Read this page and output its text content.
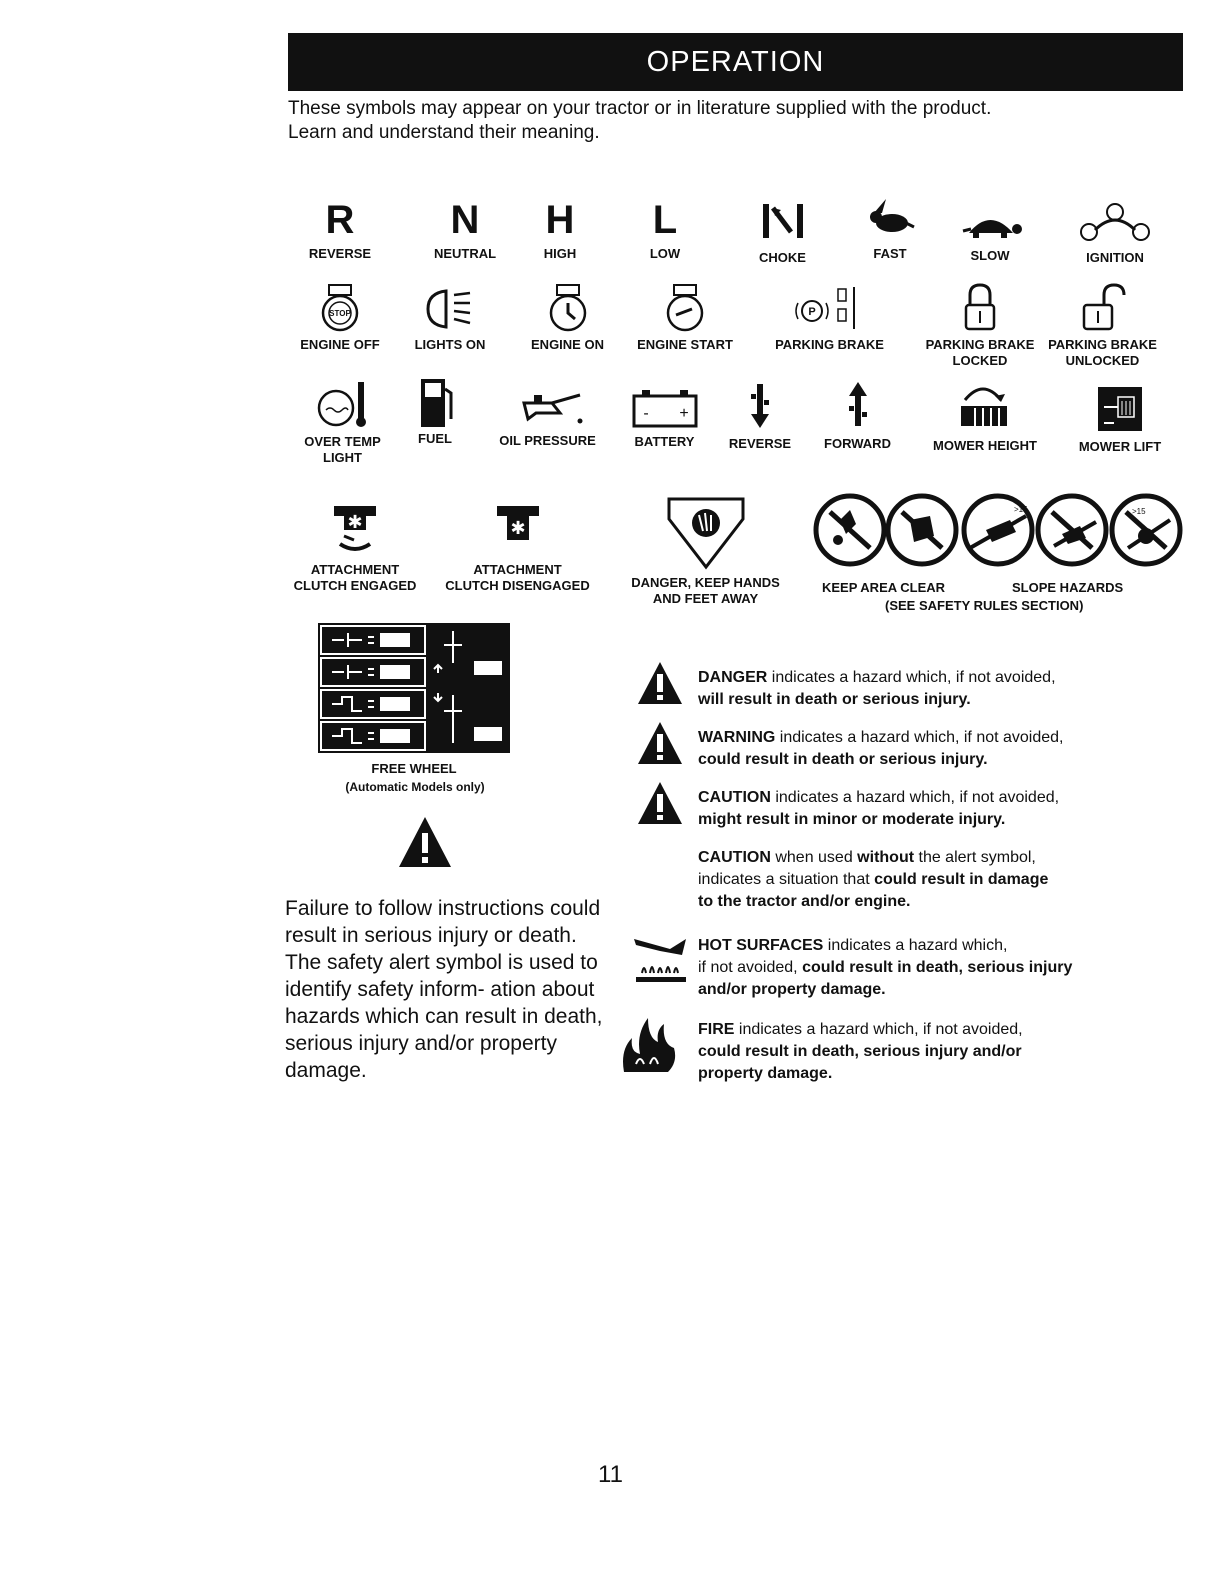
OPERATION
These symbols may appear on your tractor or in literature supplied with the product.
Learn and understand their meaning.
R
REVERSE
N
NEUTRAL
H
HIGH
L
LOW	CHOKE	FAST	SLOW	IGNITION
STOP
ENGINE OFF	LIGHTS ON	ENGINE ON	ENGINE START
P
PARKING BRAKE	PARKING BRAKE
LOCKED
PARKING BRAKE
UNLOCKED
OVER TEMP
LIGHT
FUEL	OIL PRESSURE
- +
BATTERY	REVERSE	FORWARD	MOWER HEIGHT	MOWER LIFT
✱
ATTACHMENT
CLUTCH ENGAGED
✱
ATTACHMENT
CLUTCH DISENGAGED	DANGER, KEEP HANDS
AND FEET AWAY
>15	>15
KEEP AREA CLEAR	SLOPE HAZARDS
(SEE SAFETY RULES SECTION)
FREE WHEEL
(Automatic Models only)
Failure to follow instructions could result in serious injury or death. The safety alert symbol is used to identify safety inform- ation about hazards which can result in death, serious injury and/or property damage.
DANGER indicates a hazard which, if not avoided,
will result in death or serious injury.
WARNING indicates a hazard which, if not avoided,
could result in death or serious injury.
CAUTION indicates a hazard which, if not avoided,
might result in minor or moderate injury.
CAUTION when used without the alert symbol,
indicates a situation that could result in damage
to the tractor and/or engine.
HOT SURFACES indicates a hazard which,
if not avoided, could result in death, serious injury
and/or property damage.
FIRE indicates a hazard which, if not avoided,
could result in death, serious injury and/or
property damage.
11
